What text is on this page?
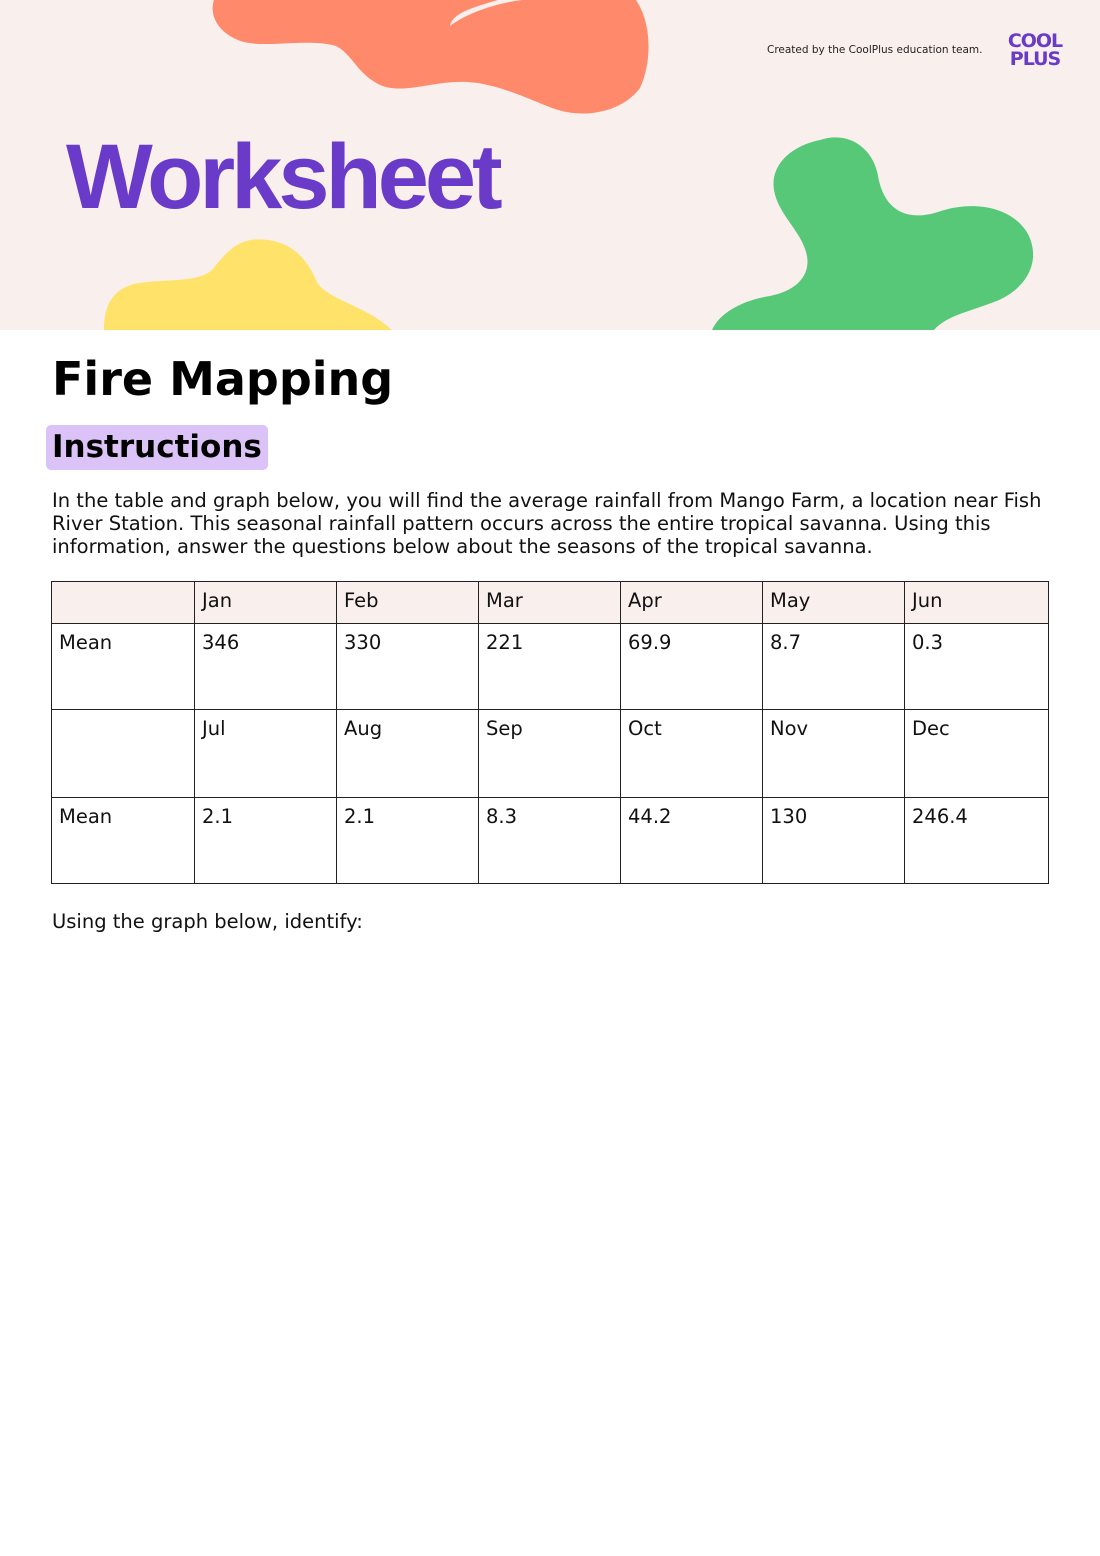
Created by the CoolPlus education team. COOL
PLUS
Worksheet
Fire Mapping
Instructions

In the table and graph below, you will find the average rainfall from Mango Farm, a location near Fish River Station. This seasonal rainfall pattern occurs across the entire tropical savanna. Using this information, answer the questions below about the seasons of the tropical savanna.

	Jan	Feb	Mar	Apr	May	Jun
Mean	346	330	221	69.9	8.7	0.3
	Jul	Aug	Sep	Oct	Nov	Dec
Mean	2.1	2.1	8.3	44.2	130	246.4

Using the graph below, identify:
